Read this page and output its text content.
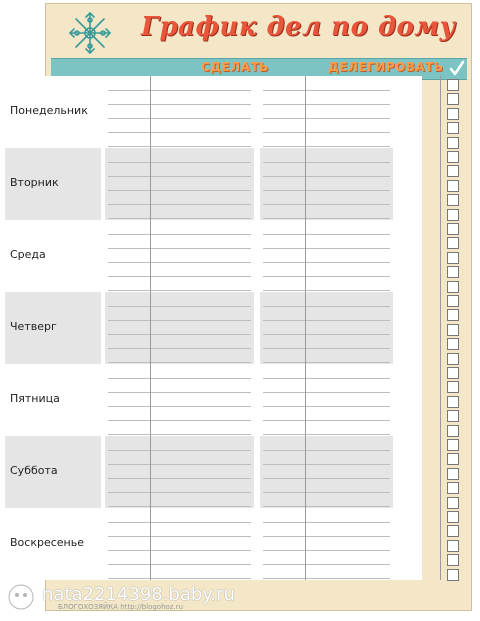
График дел по дому
СДЕЛАТЬ	ДЕЛЕГИРОВАТЬ
Понедельник
Вторник
Среда
Четверг
Пятница
Суббота
Воскресенье
БЛОГОХОЗЯЙКА http://blogohoz.ru
nata2214398.baby.ru
